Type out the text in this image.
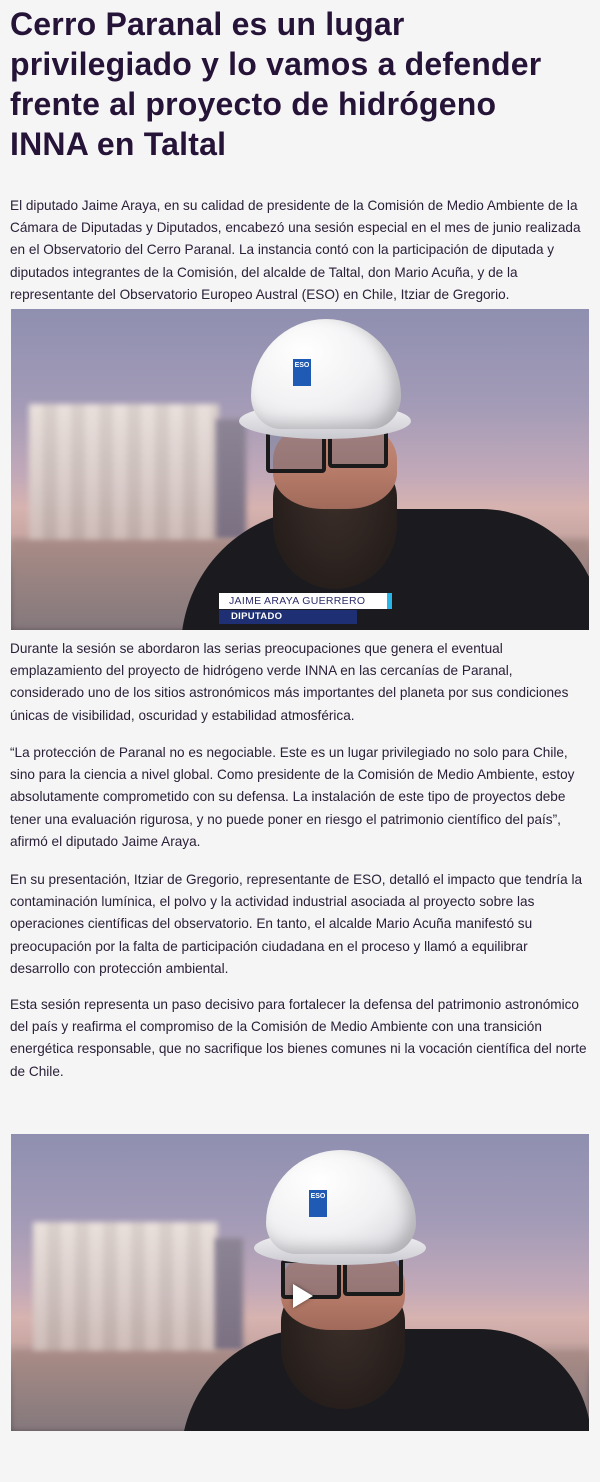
Cerro Paranal es un lugar privilegiado y lo vamos a defender frente al proyecto de hidrógeno INNA en Taltal

El diputado Jaime Araya, en su calidad de presidente de la Comisión de Medio Ambiente de la Cámara de Diputadas y Diputados, encabezó una sesión especial en el mes de junio realizada en el Observatorio del Cerro Paranal. La instancia contó con la participación de diputada y diputados integrantes de la Comisión, del alcalde de Taltal, don Mario Acuña, y de la representante del Observatorio Europeo Austral (ESO) en Chile, Itziar de Gregorio.

ESO
JAIME ARAYA GUERRERO
DIPUTADO

Durante la sesión se abordaron las serias preocupaciones que genera el eventual emplazamiento del proyecto de hidrógeno verde INNA en las cercanías de Paranal, considerado uno de los sitios astronómicos más importantes del planeta por sus condiciones únicas de visibilidad, oscuridad y estabilidad atmosférica.

“La protección de Paranal no es negociable. Este es un lugar privilegiado no solo para Chile, sino para la ciencia a nivel global. Como presidente de la Comisión de Medio Ambiente, estoy absolutamente comprometido con su defensa. La instalación de este tipo de proyectos debe tener una evaluación rigurosa, y no puede poner en riesgo el patrimonio científico del país”, afirmó el diputado Jaime Araya.

En su presentación, Itziar de Gregorio, representante de ESO, detalló el impacto que tendría la contaminación lumínica, el polvo y la actividad industrial asociada al proyecto sobre las operaciones científicas del observatorio. En tanto, el alcalde Mario Acuña manifestó su preocupación por la falta de participación ciudadana en el proceso y llamó a equilibrar desarrollo con protección ambiental.

Esta sesión representa un paso decisivo para fortalecer la defensa del patrimonio astronómico del país y reafirma el compromiso de la Comisión de Medio Ambiente con una transición energética responsable, que no sacrifique los bienes comunes ni la vocación científica del norte de Chile.

ESO
